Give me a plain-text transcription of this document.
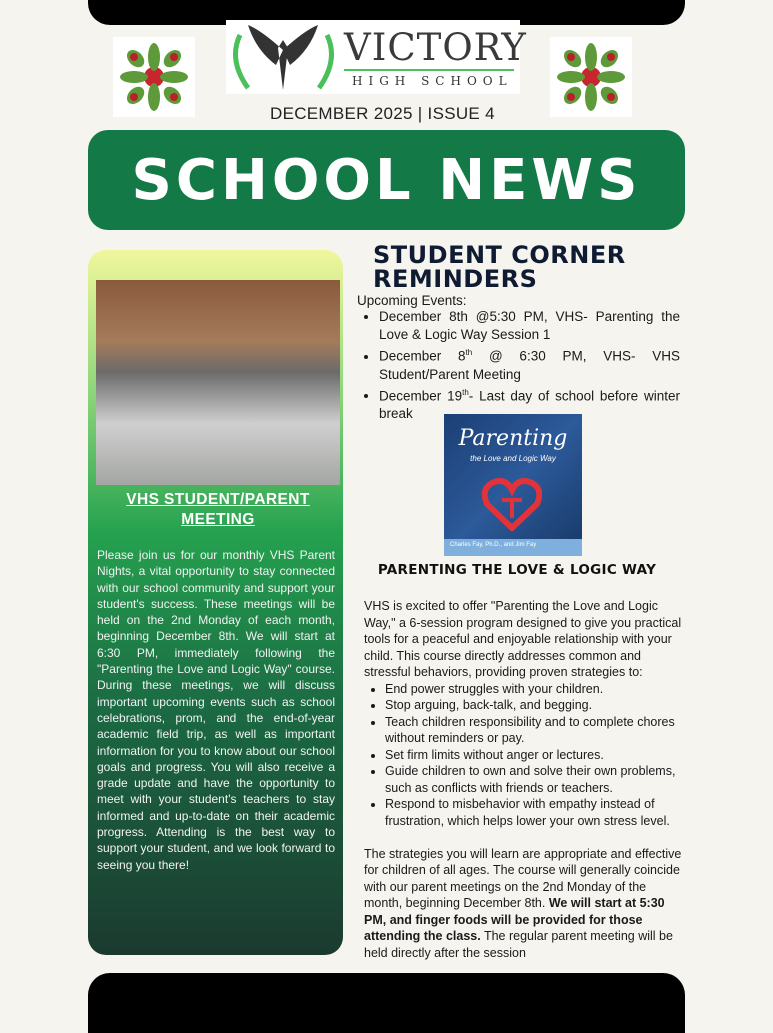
VICTORY
HIGH SCHOOL
DECEMBER 2025 | ISSUE 4
SCHOOL NEWS
VHS STUDENT/PARENT MEETING

Please join us for our monthly VHS Parent Nights, a vital opportunity to stay connected with our school community and support your student's success. These meetings will be held on the 2nd Monday of each month, beginning December 8th. We will start at 6:30 PM, immediately following the "Parenting the Love and Logic Way" course. During these meetings, we will discuss important upcoming events such as school celebrations, prom, and the end-of-year academic field trip, as well as important information for you to know about our school goals and progress. You will also receive a grade update and have the opportunity to meet with your student's teachers to stay informed and up-to-date on their academic progress. Attending is the best way to support your student, and we look forward to seeing you there!

STUDENT CORNER REMINDERS
Upcoming Events:
• December 8th @5:30 PM, VHS- Parenting the Love & Logic Way Session 1
• December 8th @ 6:30 PM, VHS- VHS Student/Parent Meeting
• December 19th- Last day of school before winter break
Parenting
the Love and Logic Way
Charles Fay, Ph.D., and Jim Fay
PARENTING THE LOVE & LOGIC WAY

VHS is excited to offer "Parenting the Love and Logic Way," a 6-session program designed to give you practical tools for a peaceful and enjoyable relationship with your child. This course directly addresses common and stressful behaviors, providing proven strategies to:

• End power struggles with your children.
• Stop arguing, back-talk, and begging.
• Teach children responsibility and to complete chores without reminders or pay.
• Set firm limits without anger or lectures.
• Guide children to own and solve their own problems, such as conflicts with friends or teachers.
• Respond to misbehavior with empathy instead of frustration, which helps lower your own stress level.

The strategies you will learn are appropriate and effective for children of all ages. The course will generally coincide with our parent meetings on the 2nd Monday of the month, beginning December 8th. We will start at 5:30 PM, and finger foods will be provided for those attending the class. The regular parent meeting will be held directly after the session
